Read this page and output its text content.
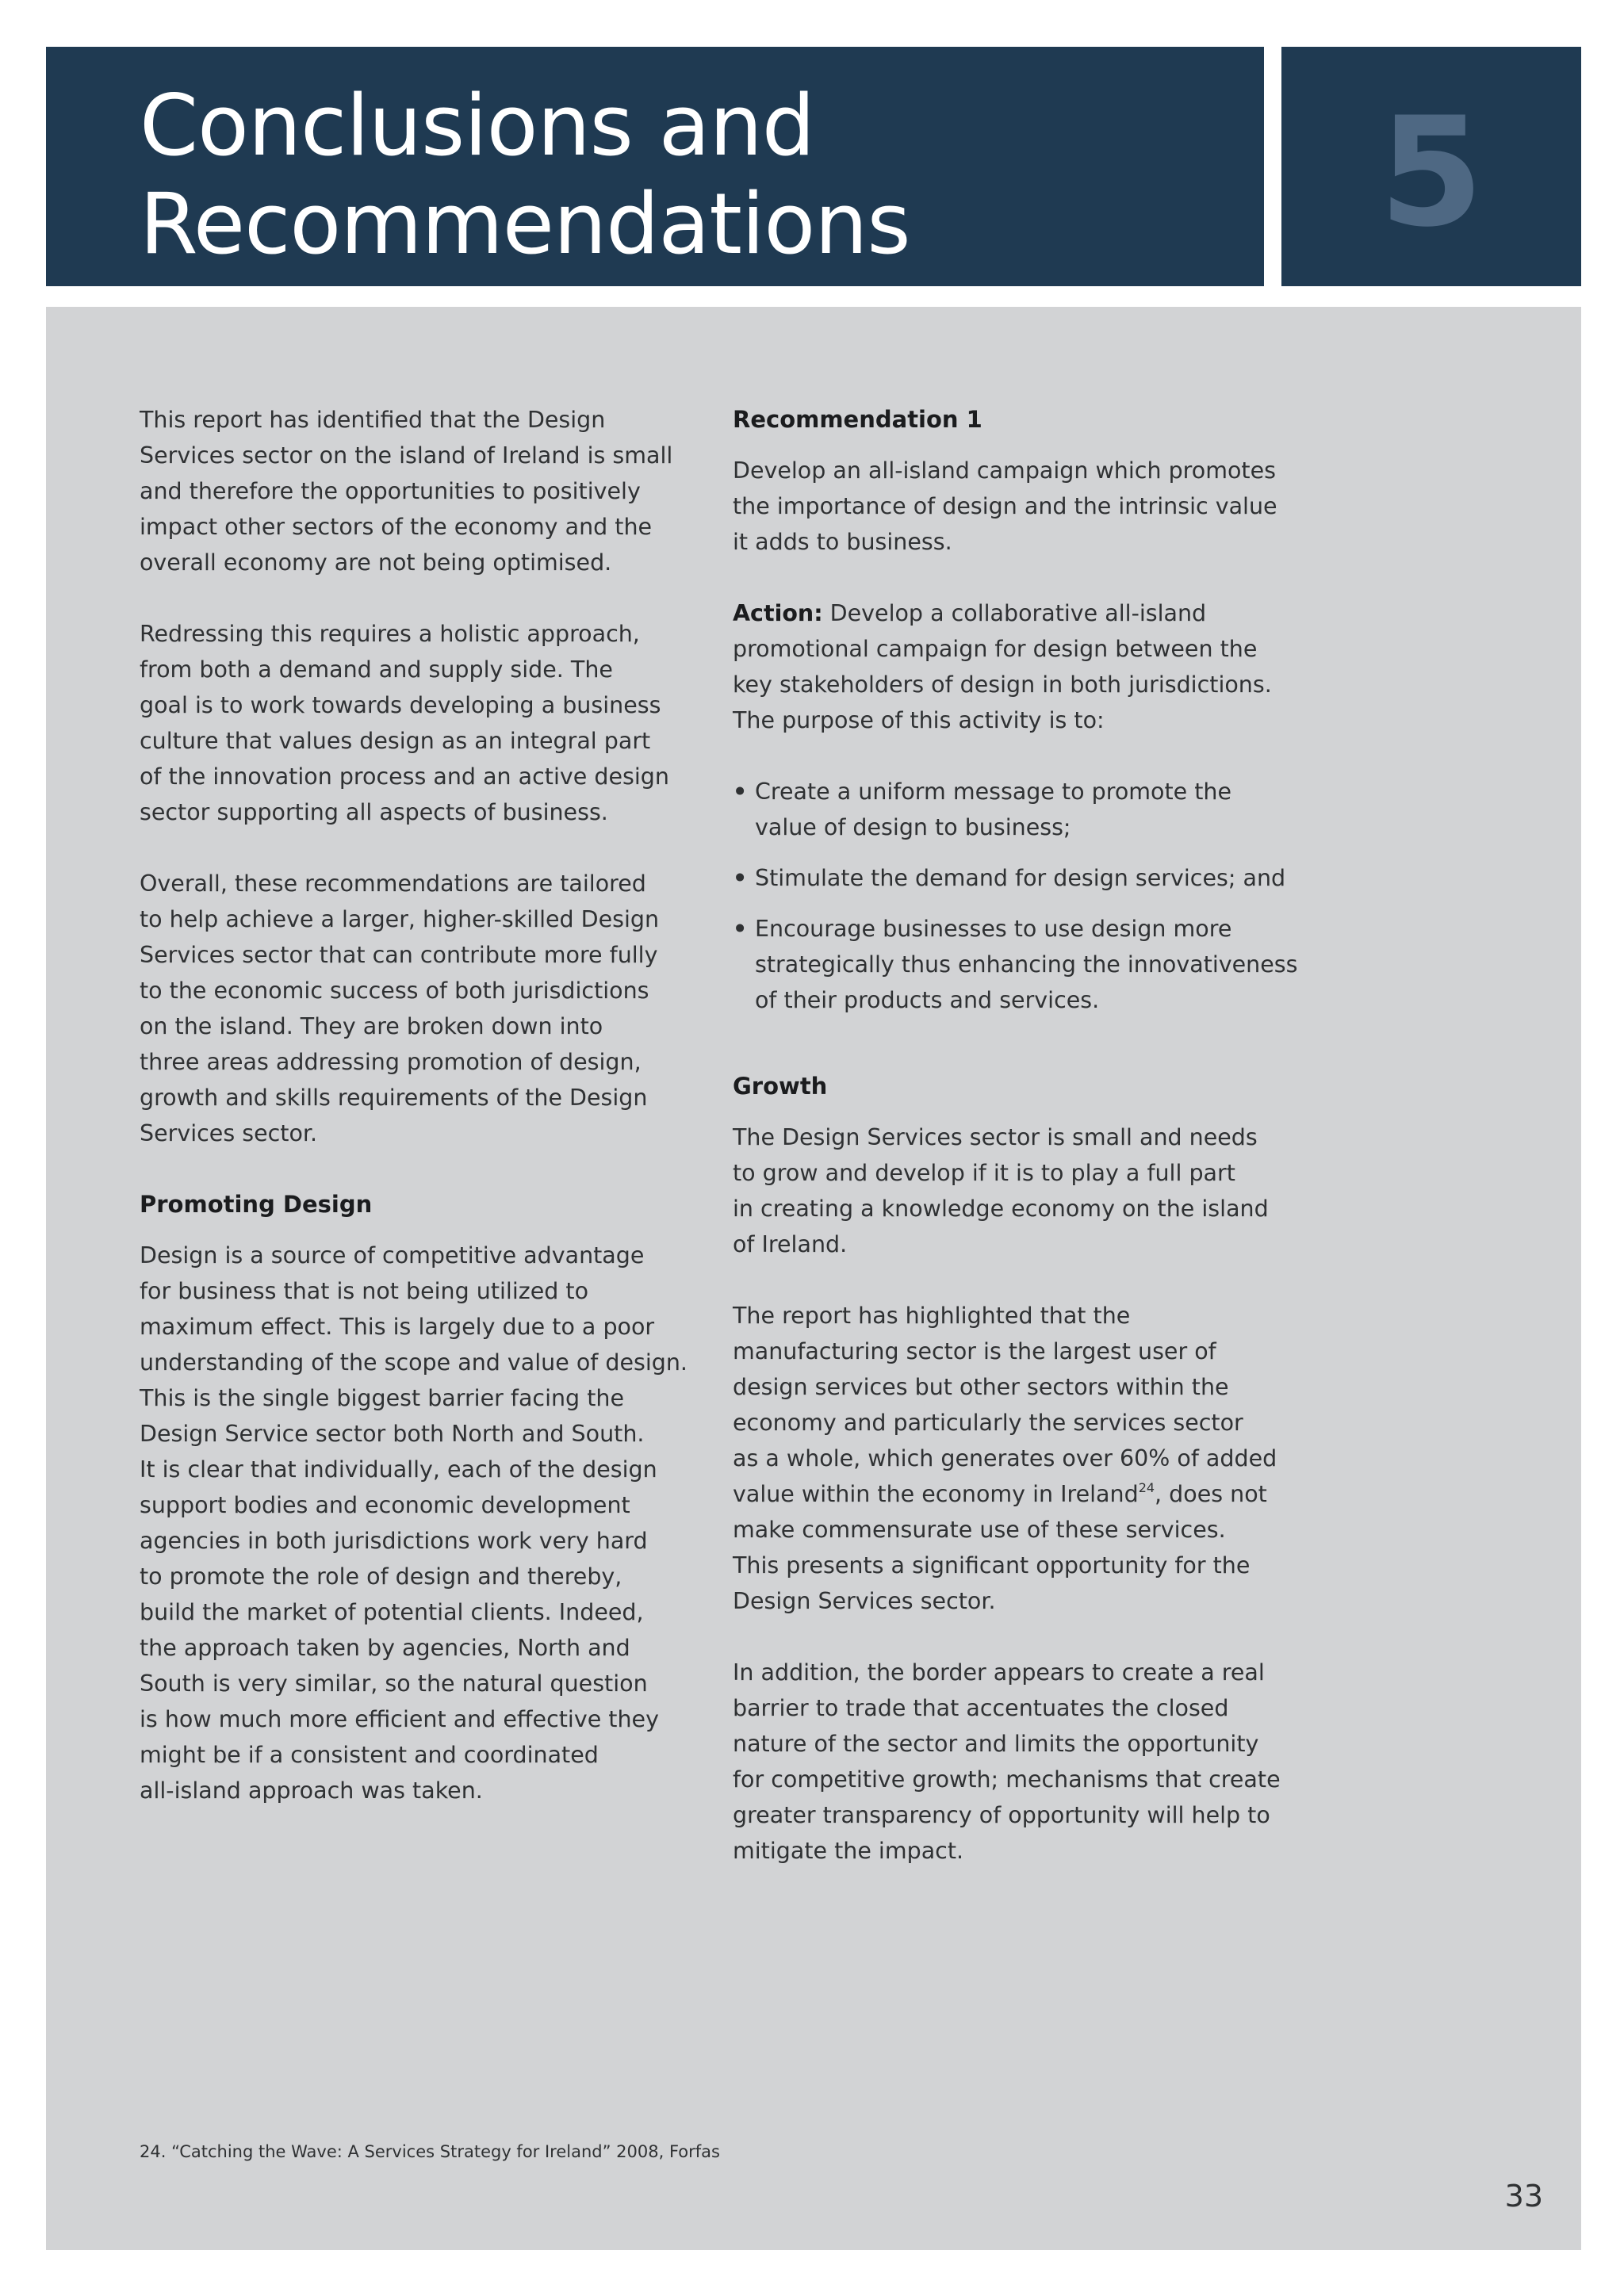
Conclusions and
Recommendations	5

This report has identified that the Design
Services sector on the island of Ireland is small
and therefore the opportunities to positively
impact other sectors of the economy and the
overall economy are not being optimised.

Redressing this requires a holistic approach,
from both a demand and supply side. The
goal is to work towards developing a business
culture that values design as an integral part
of the innovation process and an active design
sector supporting all aspects of business.

Overall, these recommendations are tailored
to help achieve a larger, higher-skilled Design
Services sector that can contribute more fully
to the economic success of both jurisdictions
on the island. They are broken down into
three areas addressing promotion of design,
growth and skills requirements of the Design
Services sector.

Promoting Design

Design is a source of competitive advantage
for business that is not being utilized to
maximum effect. This is largely due to a poor
understanding of the scope and value of design.
This is the single biggest barrier facing the
Design Service sector both North and South.
It is clear that individually, each of the design
support bodies and economic development
agencies in both jurisdictions work very hard
to promote the role of design and thereby,
build the market of potential clients. Indeed,
the approach taken by agencies, North and
South is very similar, so the natural question
is how much more efficient and effective they
might be if a consistent and coordinated
all-island approach was taken.

Recommendation 1

Develop an all-island campaign which promotes
the importance of design and the intrinsic value
it adds to business.

Action: Develop a collaborative all-island
promotional campaign for design between the
key stakeholders of design in both jurisdictions.
The purpose of this activity is to:

• Create a uniform message to promote the
value of design to business;
• Stimulate the demand for design services; and
• Encourage businesses to use design more
strategically thus enhancing the innovativeness
of their products and services.
Growth

The Design Services sector is small and needs
to grow and develop if it is to play a full part
in creating a knowledge economy on the island
of Ireland.

The report has highlighted that the
manufacturing sector is the largest user of
design services but other sectors within the
economy and particularly the services sector
as a whole, which generates over 60% of added
value within the economy in Ireland$^{24}$, does not
make commensurate use of these services.
This presents a significant opportunity for the
Design Services sector.

In addition, the border appears to create a real
barrier to trade that accentuates the closed
nature of the sector and limits the opportunity
for competitive growth; mechanisms that create
greater transparency of opportunity will help to
mitigate the impact.

24. “Catching the Wave: A Services Strategy for Ireland” 2008, Forfas
33
